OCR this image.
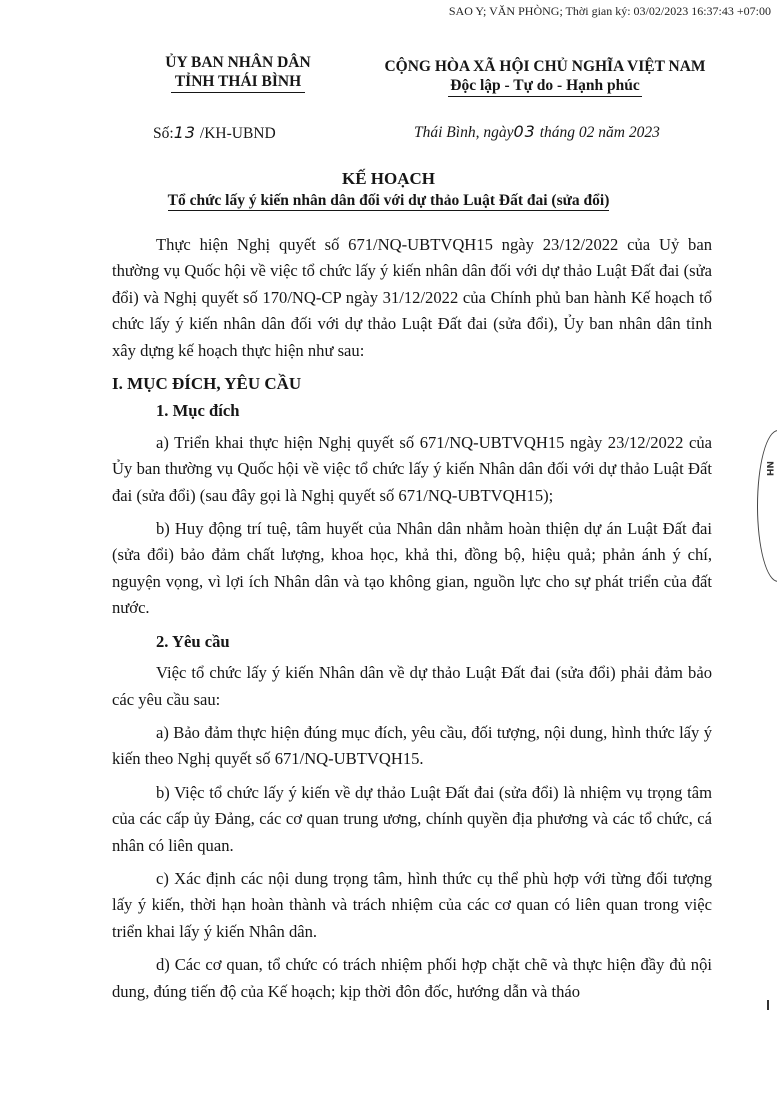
SAO Y; VĂN PHÒNG; Thời gian ký: 03/02/2023 16:37:43 +07:00
ỦY BAN NHÂN DÂN
TỈNH THÁI BÌNH
CỘNG HÒA XÃ HỘI CHỦ NGHĨA VIỆT NAM
Độc lập - Tự do - Hạnh phúc
Số:13 /KH-UBND	Thái Bình, ngày03 tháng 02 năm 2023
KẾ HOẠCH
Tổ chức lấy ý kiến nhân dân đối với dự thảo Luật Đất đai (sửa đổi)

Thực hiện Nghị quyết số 671/NQ-UBTVQH15 ngày 23/12/2022 của Uỷ ban thường vụ Quốc hội về việc tổ chức lấy ý kiến nhân dân đối với dự thảo Luật Đất đai (sửa đổi) và Nghị quyết số 170/NQ-CP ngày 31/12/2022 của Chính phủ ban hành Kế hoạch tổ chức lấy ý kiến nhân dân đối với dự thảo Luật Đất đai (sửa đổi), Ủy ban nhân dân tỉnh xây dựng kế hoạch thực hiện như sau:

I. MỤC ĐÍCH, YÊU CẦU

1. Mục đích

a) Triển khai thực hiện Nghị quyết số 671/NQ-UBTVQH15 ngày 23/12/2022 của Ủy ban thường vụ Quốc hội về việc tổ chức lấy ý kiến Nhân dân đối với dự thảo Luật Đất đai (sửa đổi) (sau đây gọi là Nghị quyết số 671/NQ-UBTVQH15);

b) Huy động trí tuệ, tâm huyết của Nhân dân nhằm hoàn thiện dự án Luật Đất đai (sửa đổi) bảo đảm chất lượng, khoa học, khả thi, đồng bộ, hiệu quả; phản ánh ý chí, nguyện vọng, vì lợi ích Nhân dân và tạo không gian, nguồn lực cho sự phát triển của đất nước.

2. Yêu cầu

Việc tổ chức lấy ý kiến Nhân dân về dự thảo Luật Đất đai (sửa đổi) phải đảm bảo các yêu cầu sau:

a) Bảo đảm thực hiện đúng mục đích, yêu cầu, đối tượng, nội dung, hình thức lấy ý kiến theo Nghị quyết số 671/NQ-UBTVQH15.

b) Việc tổ chức lấy ý kiến về dự thảo Luật Đất đai (sửa đổi) là nhiệm vụ trọng tâm của các cấp ủy Đảng, các cơ quan trung ương, chính quyền địa phương và các tổ chức, cá nhân có liên quan.

c) Xác định các nội dung trọng tâm, hình thức cụ thể phù hợp với từng đối tượng lấy ý kiến, thời hạn hoàn thành và trách nhiệm của các cơ quan có liên quan trong việc triển khai lấy ý kiến Nhân dân.

d) Các cơ quan, tổ chức có trách nhiệm phối hợp chặt chẽ và thực hiện đầy đủ nội dung, đúng tiến độ của Kế hoạch; kịp thời đôn đốc, hướng dẫn và tháo

NH
